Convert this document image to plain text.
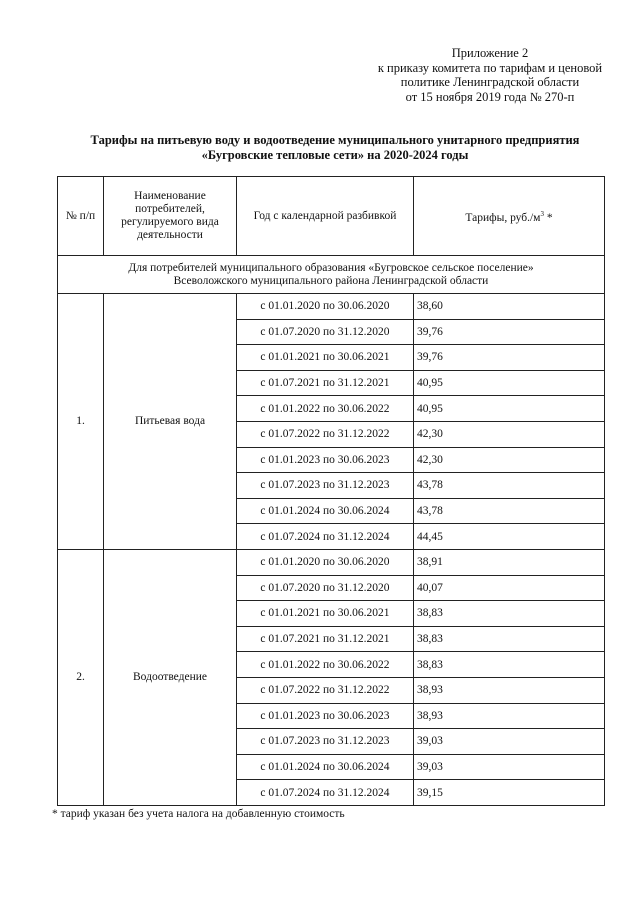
Приложение 2
к приказу комитета по тарифам и ценовой
политике Ленинградской области
от 15 ноября 2019 года № 270-п
Тарифы на питьевую воду и водоотведение муниципального унитарного предприятия
«Бугровские тепловые сети» на 2020-2024 годы
№ п/п	Наименование потребителей, регулируемого вида деятельности	Год с календарной разбивкой	Тарифы, $руб./м^3$ *

Для потребителей муниципального образования «Бугровское сельское поселение»
Всеволожского муниципального района Ленинградской области			

1.	Питьевая вода	с 01.01.2020 по 30.06.2020	38,60
		с 01.07.2020 по 31.12.2020	39,76
		с 01.01.2021 по 30.06.2021	39,76
		с 01.07.2021 по 31.12.2021	40,95
		с 01.01.2022 по 30.06.2022	40,95
		с 01.07.2022 по 31.12.2022	42,30
		с 01.01.2023 по 30.06.2023	42,30
		с 01.07.2023 по 31.12.2023	43,78
		с 01.01.2024 по 30.06.2024	43,78
		с 01.07.2024 по 31.12.2024	44,45
2.	Водоотведение	с 01.01.2020 по 30.06.2020	38,91
		с 01.07.2020 по 31.12.2020	40,07
		с 01.01.2021 по 30.06.2021	38,83
		с 01.07.2021 по 31.12.2021	38,83
		с 01.01.2022 по 30.06.2022	38,83
		с 01.07.2022 по 31.12.2022	38,93
		с 01.01.2023 по 30.06.2023	38,93
		с 01.07.2023 по 31.12.2023	39,03
		с 01.01.2024 по 30.06.2024	39,03
		с 01.07.2024 по 31.12.2024	39,15
* тариф указан без учета налога на добавленную стоимость
